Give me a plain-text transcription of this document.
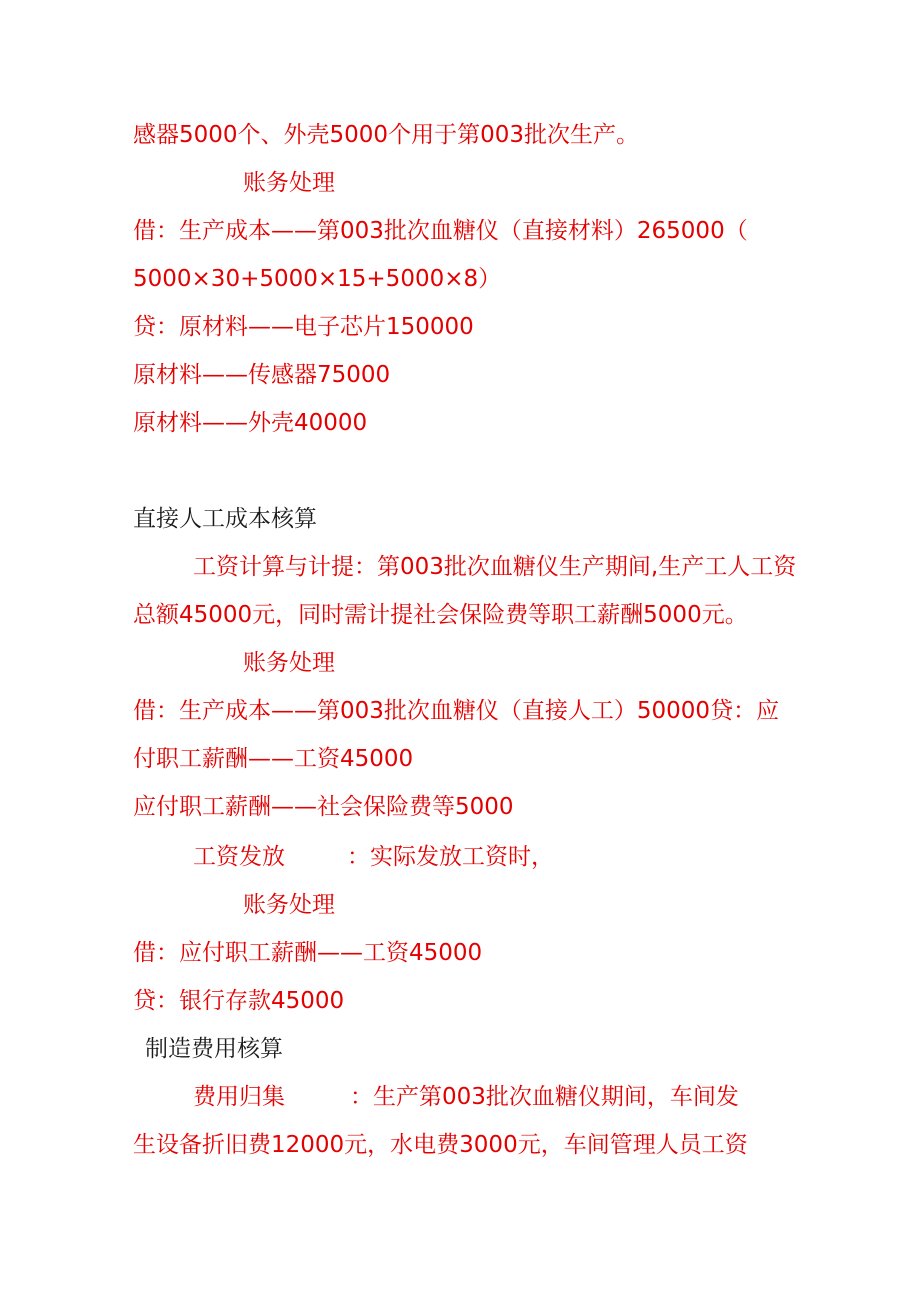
感器5000个、外壳5000个用于第003批次生产。

账务处理

借：生产成本——第003批次血糖仪（直接材料）265000（

5000×30+5000×15+5000×8）

贷：原材料——电子芯片150000

原材料——传感器75000

原材料——外壳40000

直接人工成本核算

工资计算与计提：第003批次血糖仪生产期间,生产工人工资

总额45000元，同时需计提社会保险费等职工薪酬5000元。

账务处理

借：生产成本——第003批次血糖仪（直接人工）50000贷：应

付职工薪酬——工资45000

应付职工薪酬——社会保险费等5000

工资发放	：实际发放工资时，

账务处理

借：应付职工薪酬——工资45000

贷：银行存款45000

制造费用核算

费用归集	：生产第003批次血糖仪期间，车间发

生设备折旧费12000元，水电费3000元，车间管理人员工资
